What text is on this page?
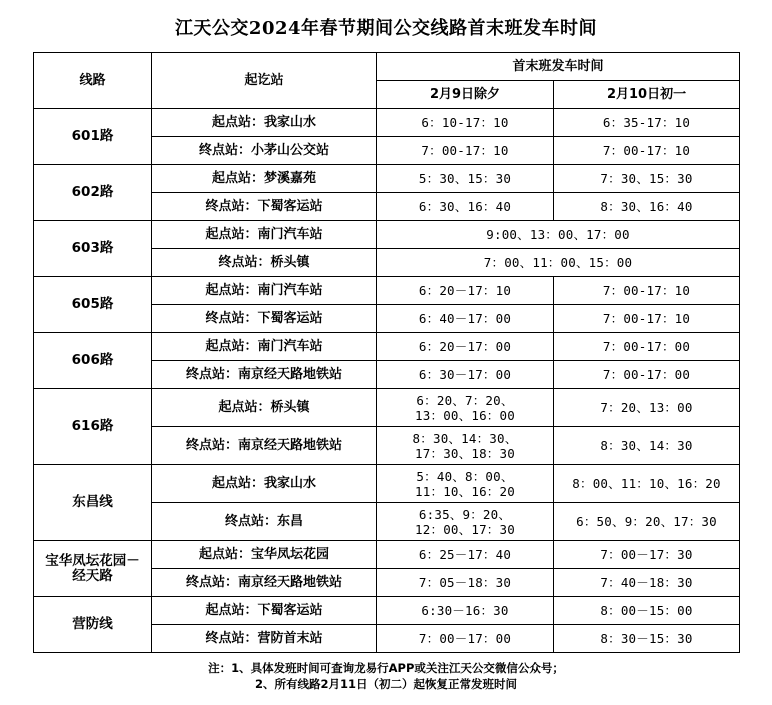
江天公交2024年春节期间公交线路首末班发车时间
线路	起讫站	首末班发车时间	
		2月9日除夕	2月10日初一
601路	起点站：我家山水	6：10-17：10	6：35-17：10
	终点站：小茅山公交站	7：00-17：10	7：00-17：10
602路	起点站：梦溪嘉苑	5：30、15：30	7：30、15：30
	终点站：下蜀客运站	6：30、16：40	8：30、16：40
603路	起点站：南门汽车站	9:00、13：00、17：00	
	终点站：桥头镇	7：00、11：00、15：00	
605路	起点站：南门汽车站	6：20－17：10	7：00-17：10
	终点站：下蜀客运站	6：40－17：00	7：00-17：10
606路	起点站：南门汽车站	6：20－17：00	7：00-17：00
	终点站：南京经天路地铁站	6：30－17：00	7：00-17：00
616路	起点站：桥头镇	6：20、7：20、
13：00、16：00	7：20、13：00
	终点站：南京经天路地铁站	8：30、14：30、
17：30、18：30	8：30、14：30
东昌线	起点站：我家山水	5：40、8：00、
11：10、16：20	8：00、11：10、16：20
	终点站：东昌	6:35、9：20、
12：00、17：30	6：50、9：20、17：30

宝华凤坛花园－
经天路	起点站：宝华凤坛花园	6：25－17：40	7：00－17：30
	终点站：南京经天路地铁站	7：05－18：30	7：40－18：30
营防线	起点站：下蜀客运站	6:30－16：30	8：00－15：00
	终点站：营防首末站	7：00－17：00	8：30－15：30
注：1、具体发班时间可查询龙易行APP或关注江天公交微信公众号；
2、所有线路2月11日（初二）起恢复正常发班时间
